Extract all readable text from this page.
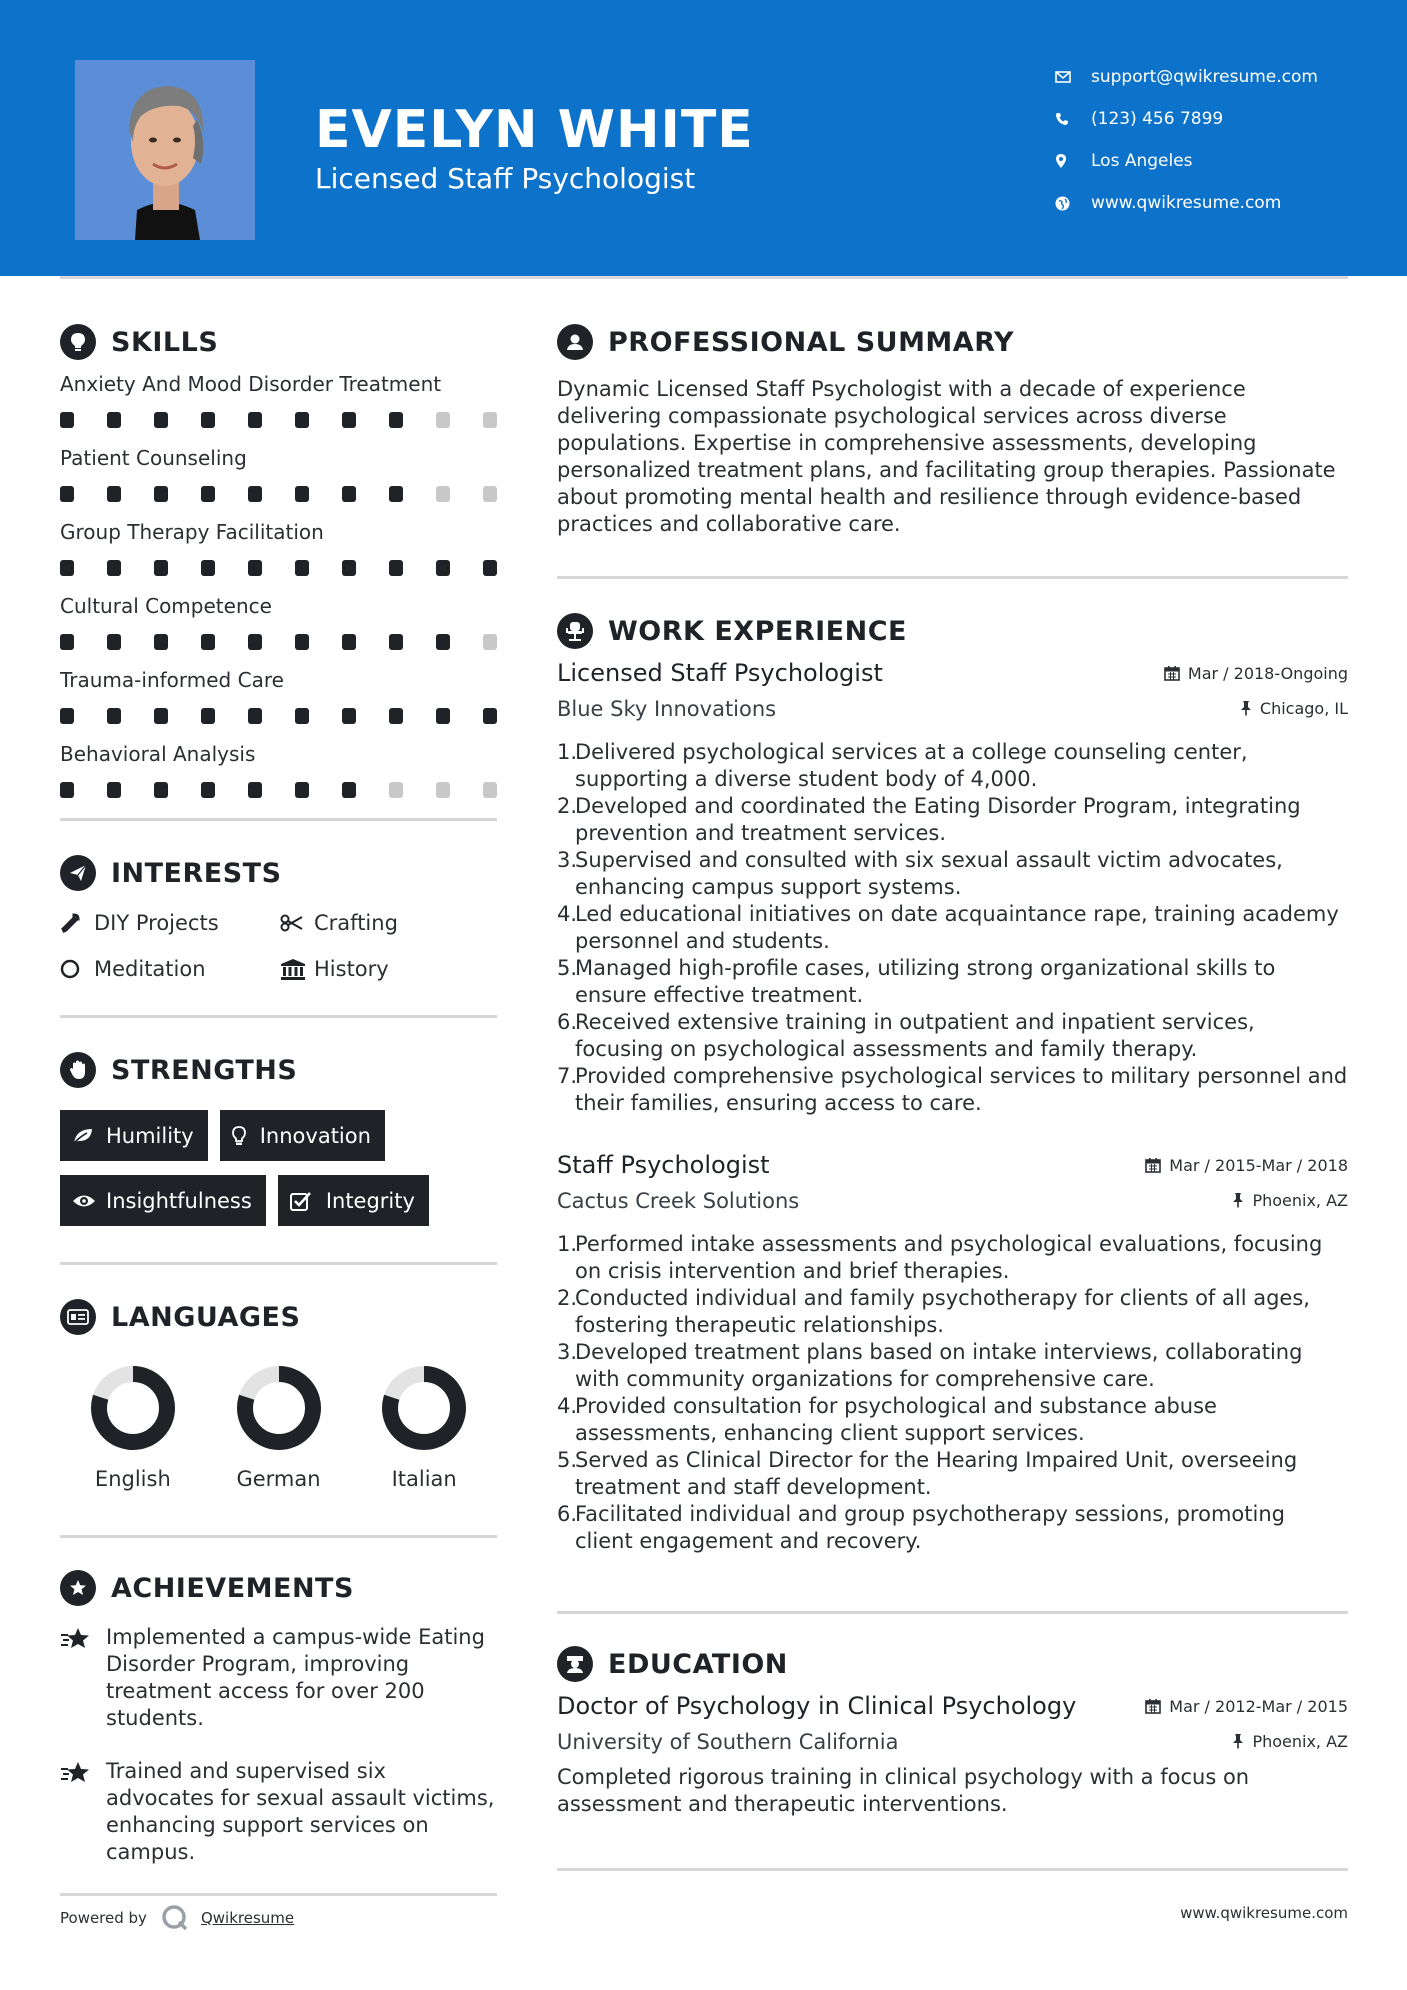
EVELYN WHITE
Licensed Staff Psychologist
support@qwikresume.com
(123) 456 7899
Los Angeles
www.qwikresume.com
SKILLS
Anxiety And Mood Disorder Treatment
Patient Counseling
Group Therapy Facilitation
Cultural Competence
Trauma-informed Care
Behavioral Analysis
INTERESTS
DIY Projects	Crafting
Meditation	History
STRENGTHS
Humility	Innovation
Insightfulness	Integrity
LANGUAGES
English	German	Italian
ACHIEVEMENTS
Implemented a campus-wide Eating Disorder Program, improving treatment access for over 200 students.
Trained and supervised six advocates for sexual assault victims, enhancing support services on campus.
PROFESSIONAL SUMMARY
Dynamic Licensed Staff Psychologist with a decade of experience delivering compassionate psychological services across diverse populations. Expertise in comprehensive assessments, developing personalized treatment plans, and facilitating group therapies. Passionate about promoting mental health and resilience through evidence-based practices and collaborative care.
WORK EXPERIENCE
Licensed Staff Psychologist	Mar / 2018-Ongoing
Blue Sky Innovations	Chicago, IL
Delivered psychological services at a college counseling center, supporting a diverse student body of 4,000.
Developed and coordinated the Eating Disorder Program, integrating prevention and treatment services.
Supervised and consulted with six sexual assault victim advocates, enhancing campus support systems.
Led educational initiatives on date acquaintance rape, training academy personnel and students.
Managed high-profile cases, utilizing strong organizational skills to ensure effective treatment.
Received extensive training in outpatient and inpatient services, focusing on psychological assessments and family therapy.
Provided comprehensive psychological services to military personnel and their families, ensuring access to care.
Staff Psychologist	Mar / 2015-Mar / 2018
Cactus Creek Solutions	Phoenix, AZ
Performed intake assessments and psychological evaluations, focusing on crisis intervention and brief therapies.
Conducted individual and family psychotherapy for clients of all ages, fostering therapeutic relationships.
Developed treatment plans based on intake interviews, collaborating with community organizations for comprehensive care.
Provided consultation for psychological and substance abuse assessments, enhancing client support services.
Served as Clinical Director for the Hearing Impaired Unit, overseeing treatment and staff development.
Facilitated individual and group psychotherapy sessions, promoting client engagement and recovery.
EDUCATION
Doctor of Psychology in Clinical Psychology	Mar / 2012-Mar / 2015
University of Southern California	Phoenix, AZ
Completed rigorous training in clinical psychology with a focus on assessment and therapeutic interventions.
Powered by	Qwikresume	www.qwikresume.com
